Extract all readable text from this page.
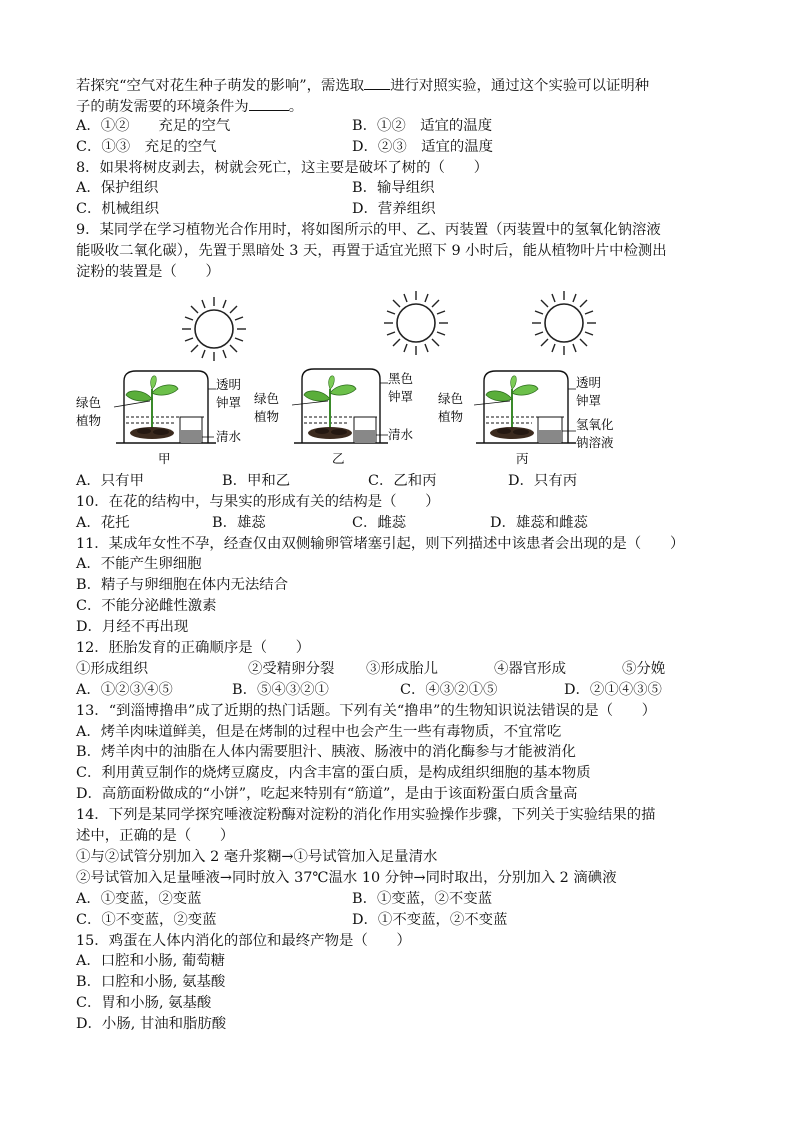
若探究“空气对花生种子萌发的影响”，需选取 进行对照实验，通过这个实验可以证明种
子的萌发需要的环境条件为	。
A．①②　　充足的空气	B．①②　适宜的温度
C．①③　充足的空气	D．②③　适宜的温度
8．如果将树皮剥去，树就会死亡，这主要是破坏了树的（　　）
A．保护组织	B．输导组织
C．机械组织	D．营养组织
9．某同学在学习植物光合作用时，将如图所示的甲、乙、丙装置（丙装置中的氢氧化钠溶液
能吸收二氧化碳），先置于黑暗处 3 天，再置于适宜光照下 9 小时后，能从植物叶片中检测出
淀粉的装置是（　　）
绿色
植物
透明
钟罩
清水
甲
绿色
植物
黑色
钟罩
清水
乙
绿色
植物
透明
钟罩
氢氧化
钠溶液
丙
A．只有甲	B．甲和乙	C．乙和丙	D．只有丙
10．在花的结构中，与果实的形成有关的结构是（　　）
A．花托	B．雄蕊	C．雌蕊	D．雄蕊和雌蕊
11．某成年女性不孕，经查仅由双侧输卵管堵塞引起，则下列描述中该患者会出现的是（　　）
A．不能产生卵细胞
B．精子与卵细胞在体内无法结合
C．不能分泌雌性激素
D．月经不再出现
12．胚胎发育的正确顺序是（　　）
①形成组织	②受精卵分裂 ③形成胎儿	④器官形成	⑤分娩
A．①②③④⑤	B．⑤④③②①	C．④③②①⑤	D．②①④③⑤
13．“到淄博撸串”成了近期的热门话题。下列有关“撸串”的生物知识说法错误的是（　　）
A．烤羊肉味道鲜美，但是在烤制的过程中也会产生一些有毒物质，不宜常吃
B．烤羊肉中的油脂在人体内需要胆汁、胰液、肠液中的消化酶参与才能被消化
C．利用黄豆制作的烧烤豆腐皮，内含丰富的蛋白质，是构成组织细胞的基本物质
D．高筋面粉做成的“小饼”，吃起来特别有“筋道”，是由于该面粉蛋白质含量高
14．下列是某同学探究唾液淀粉酶对淀粉的消化作用实验操作步骤，下列关于实验结果的描
述中，正确的是（　　）
①与②试管分别加入 2 毫升浆糊→①号试管加入足量清水
②号试管加入足量唾液→同时放入 37℃温水 10 分钟→同时取出，分别加入 2 滴碘液
A．①变蓝，②变蓝	B．①变蓝，②不变蓝
C．①不变蓝，②变蓝	D．①不变蓝，②不变蓝
15．鸡蛋在人体内消化的部位和最终产物是（　　）
A．口腔和小肠, 葡萄糖
B．口腔和小肠, 氨基酸
C．胃和小肠, 氨基酸
D．小肠, 甘油和脂肪酸
